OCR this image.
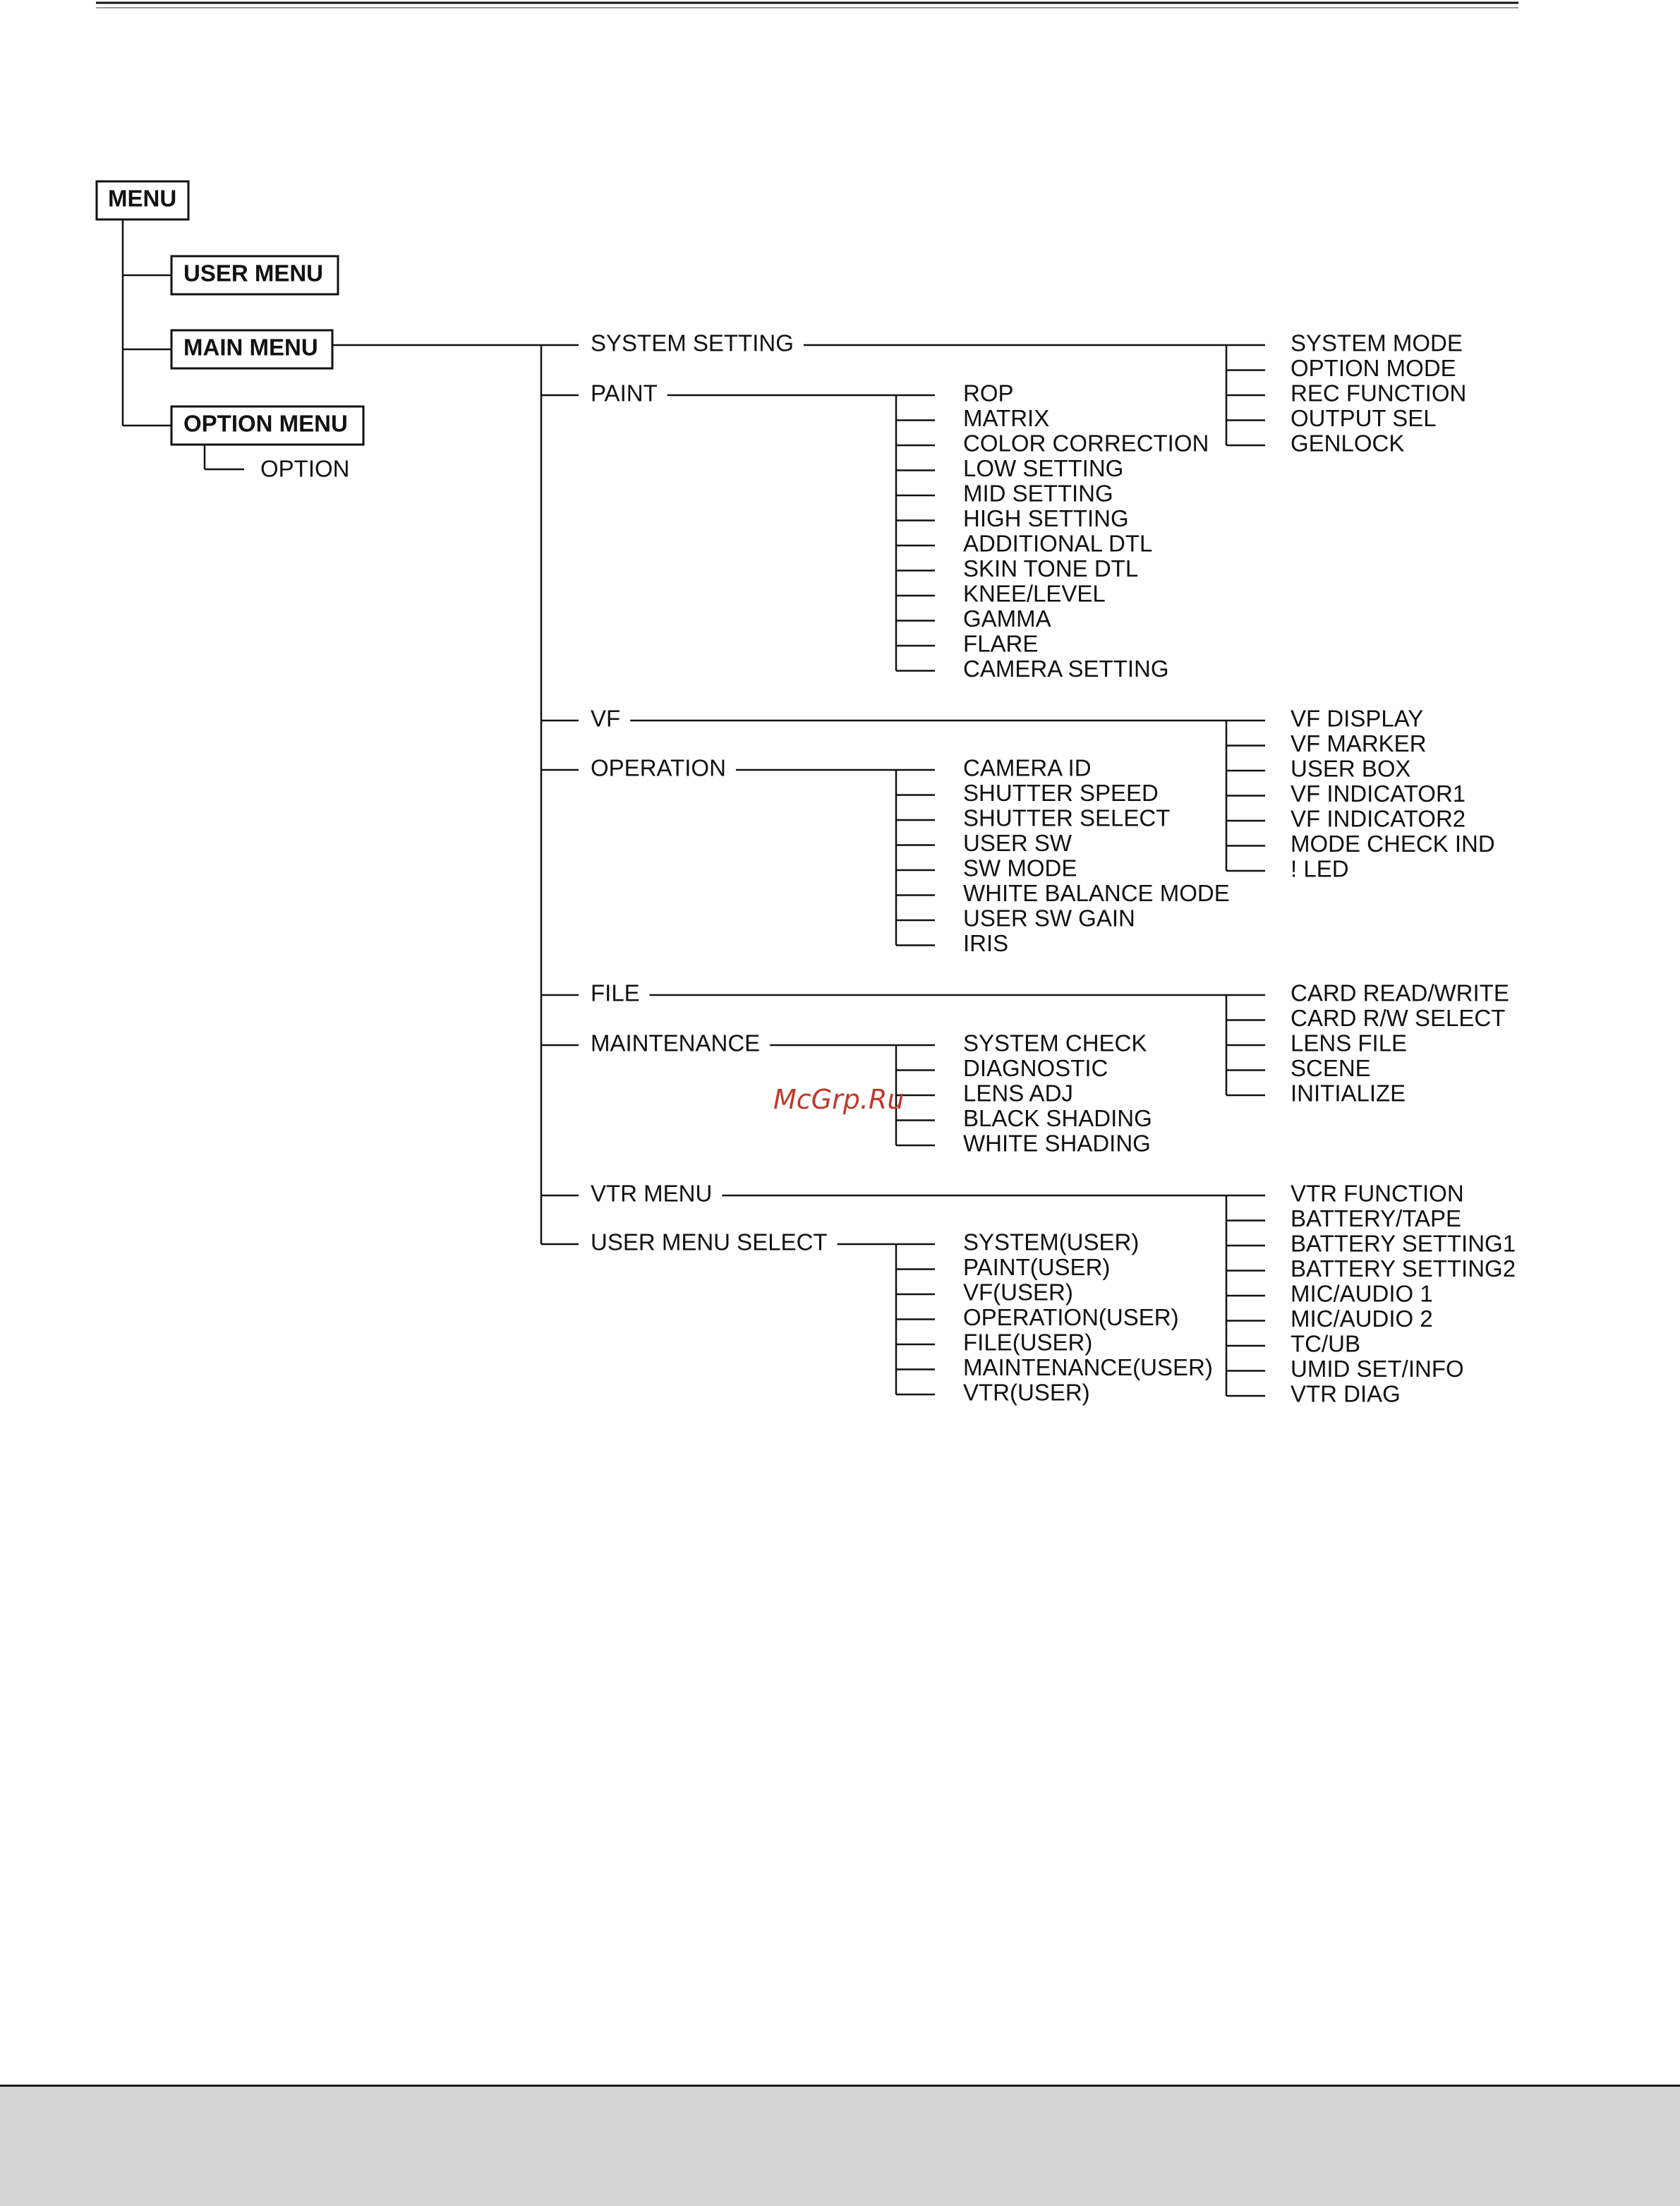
MENU
USER MENU
MAIN MENU
OPTION MENU
OPTION
SYSTEM SETTING
PAINT
VF
OPERATION
FILE
MAINTENANCE
VTR MENU
USER MENU SELECT
SYSTEM MODE
OPTION MODE
REC FUNCTION
OUTPUT SEL
GENLOCK
ROP
MATRIX
COLOR CORRECTION
LOW SETTING
MID SETTING
HIGH SETTING
ADDITIONAL DTL
SKIN TONE DTL
KNEE/LEVEL
GAMMA
FLARE
CAMERA SETTING
VF DISPLAY
VF MARKER
USER BOX
VF INDICATOR1
VF INDICATOR2
MODE CHECK IND
! LED
CAMERA ID
SHUTTER SPEED
SHUTTER SELECT
USER SW
SW MODE
WHITE BALANCE MODE
USER SW GAIN
IRIS
CARD READ/WRITE
CARD R/W SELECT
LENS FILE
SCENE
INITIALIZE
SYSTEM CHECK
DIAGNOSTIC
LENS ADJ
BLACK SHADING
WHITE SHADING
VTR FUNCTION
BATTERY/TAPE
BATTERY SETTING1
BATTERY SETTING2
MIC/AUDIO 1
MIC/AUDIO 2
TC/UB
UMID SET/INFO
VTR DIAG
SYSTEM(USER)
PAINT(USER)
VF(USER)
OPERATION(USER)
FILE(USER)
MAINTENANCE(USER)
VTR(USER)
McGrp.Ru
